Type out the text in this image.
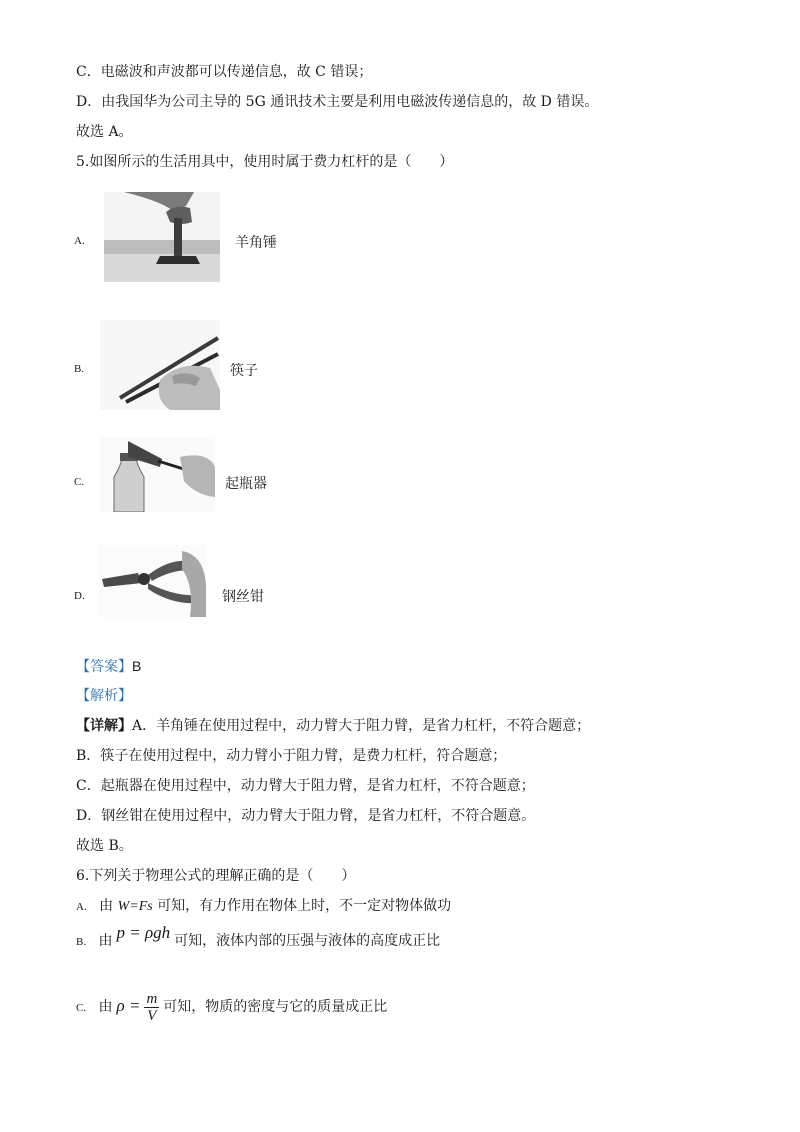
C．电磁波和声波都可以传递信息，故 C 错误；
D．由我国华为公司主导的 5G 通讯技术主要是利用电磁波传递信息的，故 D 错误。
故选 A。
5.如图所示的生活用具中，使用时属于费力杠杆的是（　　）
A.	羊角锤
B.	筷子
C.	起瓶器
D.	钢丝钳
【答案】B
【解析】
【详解】A．羊角锤在使用过程中，动力臂大于阻力臂，是省力杠杆，不符合题意；
B．筷子在使用过程中，动力臂小于阻力臂，是费力杠杆，符合题意；
C．起瓶器在使用过程中，动力臂大于阻力臂，是省力杠杆，不符合题意；
D．钢丝钳在使用过程中，动力臂大于阻力臂，是省力杠杆，不符合题意。
故选 B。
6.下列关于物理公式的理解正确的是（　　）
A. 由 W=Fs 可知，有力作用在物体上时，不一定对物体做功
B. 由 p = ρgh 可知，液体内部的压强与液体的高度成正比
C. 由 $\rho = \frac{m}{V}$ 可知，物质的密度与它的质量成正比
